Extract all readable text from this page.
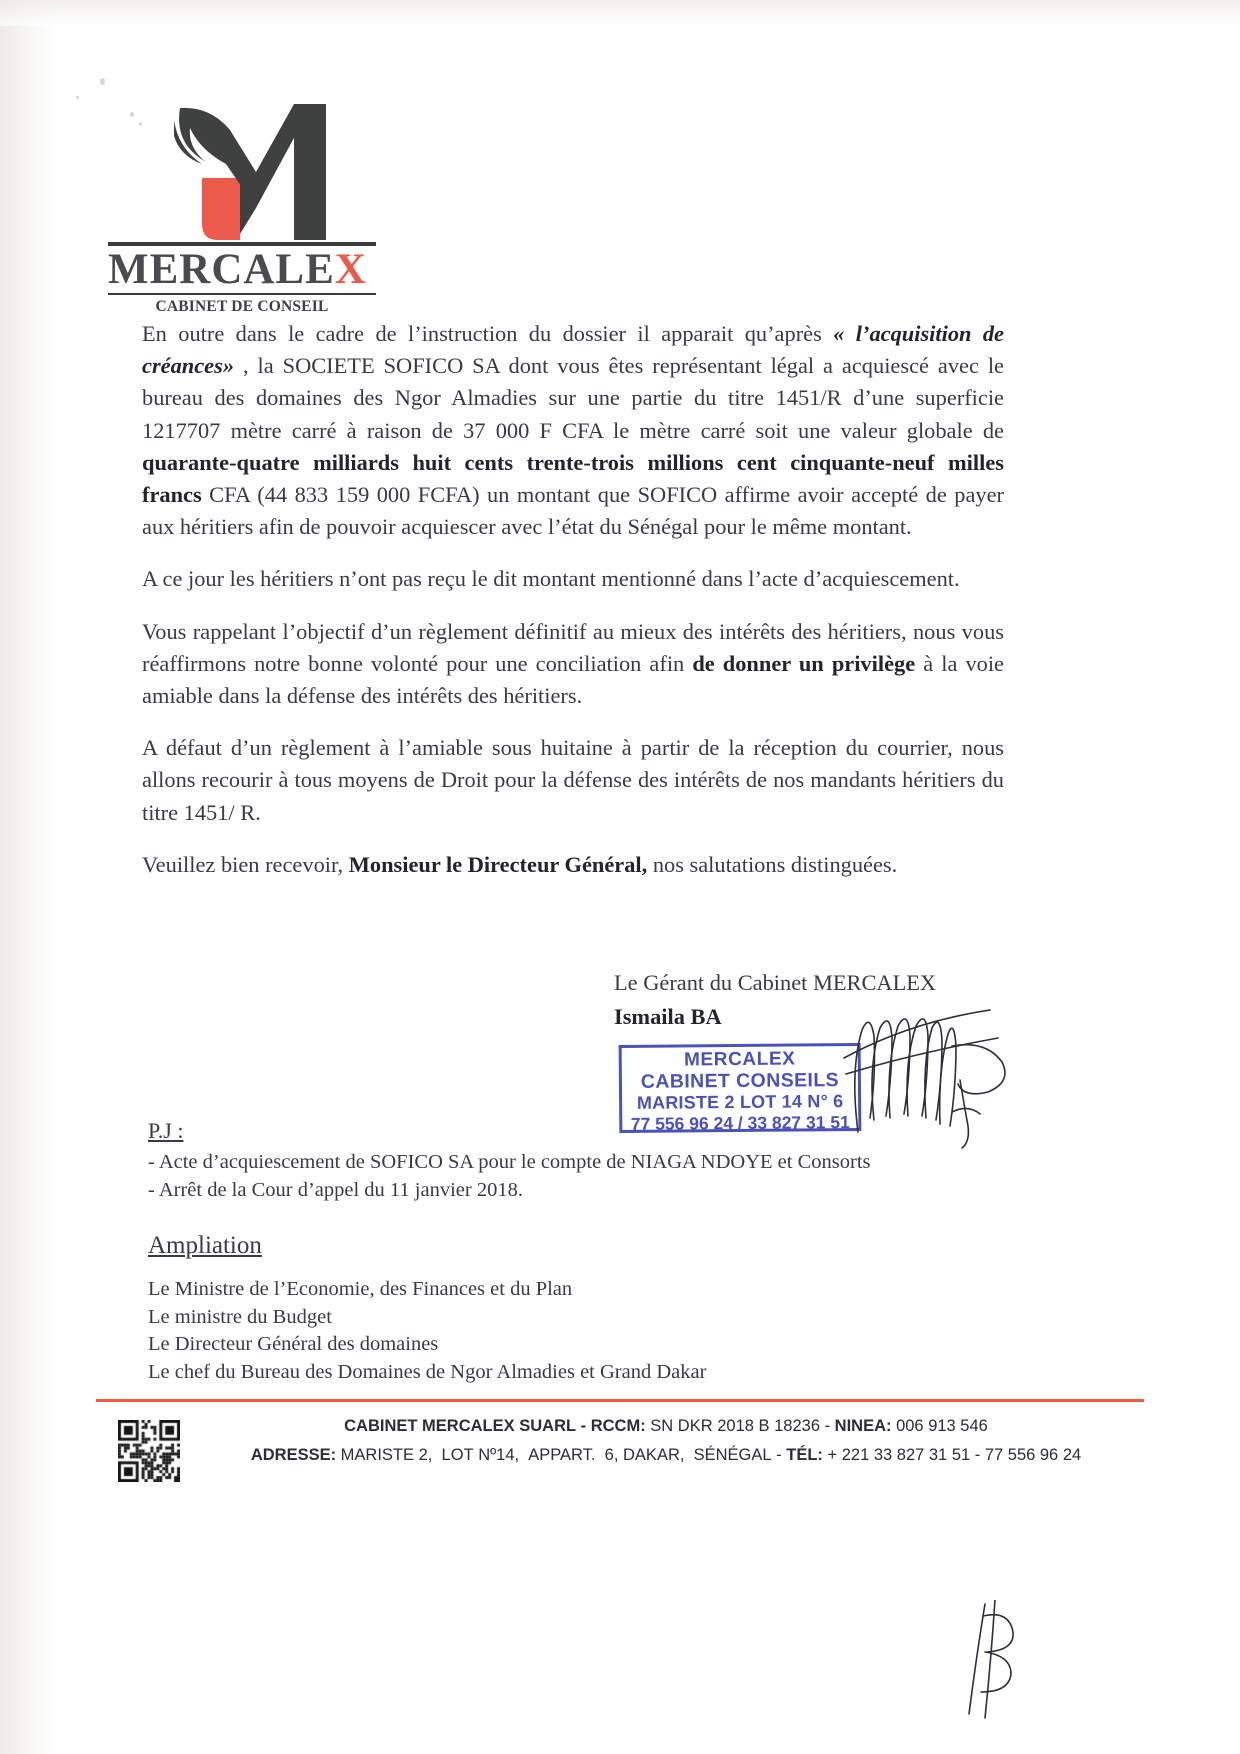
MERCALEX
CABINET DE CONSEIL

En outre dans le cadre de l’instruction du dossier il apparait qu’après « l’acquisition de créances» , la SOCIETE SOFICO SA dont vous êtes représentant légal a acquiescé avec le bureau des domaines des Ngor Almadies sur une partie du titre 1451/R d’une superficie 1217707 mètre carré à raison de 37 000 F CFA le mètre carré soit une valeur globale de quarante-quatre milliards huit cents trente-trois millions cent cinquante-neuf milles francs CFA (44 833 159 000 FCFA) un montant que SOFICO affirme avoir accepté de payer aux héritiers afin de pouvoir acquiescer avec l’état du Sénégal pour le même montant.

A ce jour les héritiers n’ont pas reçu le dit montant mentionné dans l’acte d’acquiescement.

Vous rappelant l’objectif d’un règlement définitif au mieux des intérêts des héritiers, nous vous réaffirmons notre bonne volonté pour une conciliation afin de donner un privilège à la voie amiable dans la défense des intérêts des héritiers.

A défaut d’un règlement à l’amiable sous huitaine à partir de la réception du courrier, nous allons recourir à tous moyens de Droit pour la défense des intérêts de nos mandants héritiers du titre 1451/ R.

Veuillez bien recevoir, Monsieur le Directeur Général, nos salutations distinguées.

Le Gérant du Cabinet MERCALEX
Ismaila BA
MERCALEX
CABINET CONSEILS
MARISTE 2 LOT 14 N° 6
77 556 96 24 / 33 827 31 51
P.J :
- Acte d’acquiescement de SOFICO SA pour le compte de NIAGA NDOYE et Consorts
- Arrêt de la Cour d’appel du 11 janvier 2018.
Ampliation
Le Ministre de l’Economie, des Finances et du Plan
Le ministre du Budget
Le Directeur Général des domaines
Le chef du Bureau des Domaines de Ngor Almadies et Grand Dakar
CABINET MERCALEX SUARL - RCCM: SN DKR 2018 B 18236 - NINEA: 006 913 546
ADRESSE: MARISTE 2,  LOT Nº14,  APPART.  6, DAKAR,  SÉNÉGAL - TÉL: + 221 33 827 31 51 - 77 556 96 24
